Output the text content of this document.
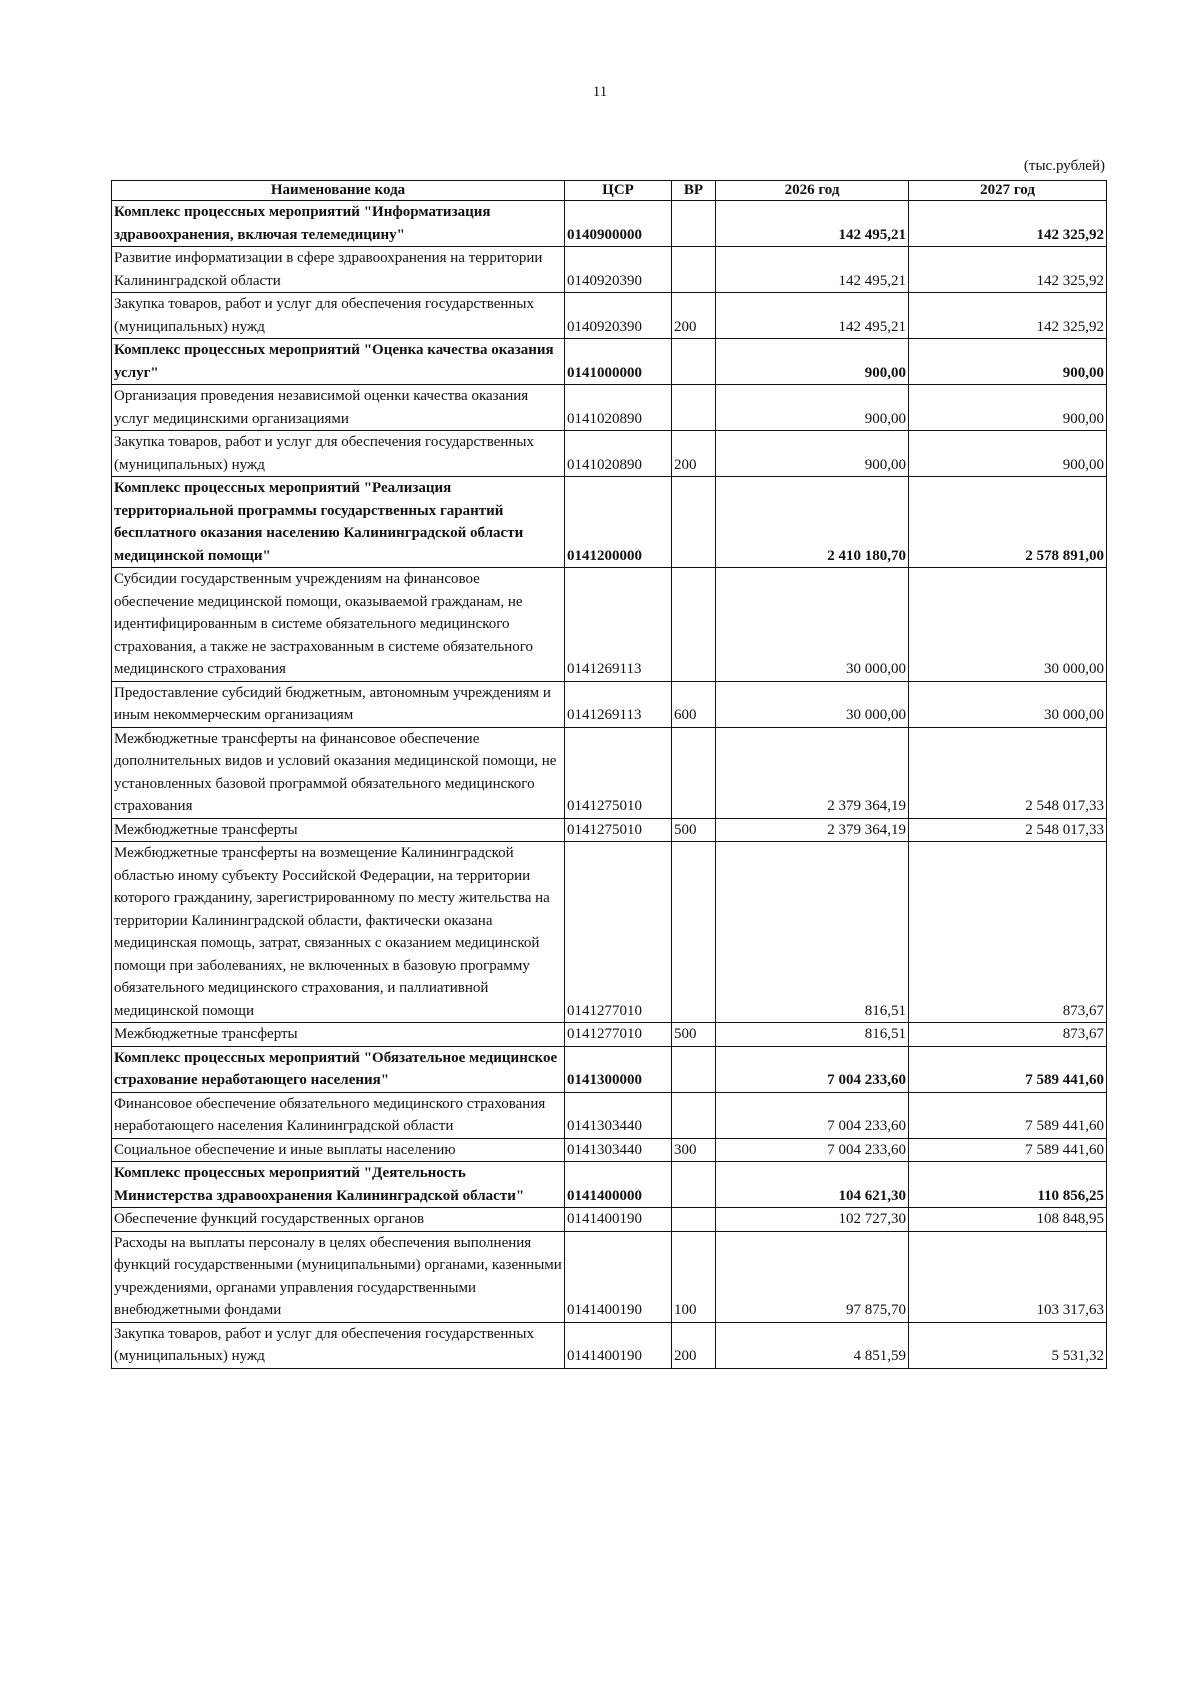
11
(тыс.рублей)
Наименование кода	ЦСР	ВР	2026 год	2027 год
Комплекс процессных мероприятий "Информатизация здравоохранения, включая телемедицину"	0140900000		142 495,21	142 325,92
Развитие информатизации в сфере здравоохранения на территории Калининградской области	0140920390		142 495,21	142 325,92
Закупка товаров, работ и услуг для обеспечения государственных (муниципальных) нужд	0140920390	200	142 495,21	142 325,92
Комплекс процессных мероприятий "Оценка качества оказания услуг"	0141000000		900,00	900,00
Организация проведения независимой оценки качества оказания услуг медицинскими организациями	0141020890		900,00	900,00
Закупка товаров, работ и услуг для обеспечения государственных (муниципальных) нужд	0141020890	200	900,00	900,00
Комплекс процессных мероприятий "Реализация территориальной программы государственных гарантий бесплатного оказания населению Калининградской области медицинской помощи"	0141200000		2 410 180,70	2 578 891,00
Субсидии государственным учреждениям на финансовое обеспечение медицинской помощи, оказываемой гражданам, не идентифицированным в системе обязательного медицинского страхования, а также не застрахованным в системе обязательного медицинского страхования	0141269113		30 000,00	30 000,00
Предоставление субсидий бюджетным, автономным учреждениям и иным некоммерческим организациям	0141269113	600	30 000,00	30 000,00
Межбюджетные трансферты на финансовое обеспечение дополнительных видов и условий оказания медицинской помощи, не установленных базовой программой обязательного медицинского страхования	0141275010		2 379 364,19	2 548 017,33
Межбюджетные трансферты	0141275010	500	2 379 364,19	2 548 017,33
Межбюджетные трансферты на возмещение Калининградской областью иному субъекту Российской Федерации, на территории которого гражданину, зарегистрированному по месту жительства на территории Калининградской области, фактически оказана медицинская помощь, затрат, связанных с оказанием медицинской помощи при заболеваниях, не включенных в базовую программу обязательного медицинского страхования, и паллиативной медицинской помощи	0141277010		816,51	873,67
Межбюджетные трансферты	0141277010	500	816,51	873,67
Комплекс процессных мероприятий "Обязательное медицинское страхование неработающего населения"	0141300000		7 004 233,60	7 589 441,60
Финансовое обеспечение обязательного медицинского страхования неработающего населения Калининградской области	0141303440		7 004 233,60	7 589 441,60
Социальное обеспечение и иные выплаты населению	0141303440	300	7 004 233,60	7 589 441,60
Комплекс процессных мероприятий "Деятельность Министерства здравоохранения Калининградской области"	0141400000		104 621,30	110 856,25
Обеспечение функций государственных органов	0141400190		102 727,30	108 848,95
Расходы на выплаты персоналу в целях обеспечения выполнения функций государственными (муниципальными) органами, казенными учреждениями, органами управления государственными внебюджетными фондами	0141400190	100	97 875,70	103 317,63
Закупка товаров, работ и услуг для обеспечения государственных (муниципальных) нужд	0141400190	200	4 851,59	5 531,32
